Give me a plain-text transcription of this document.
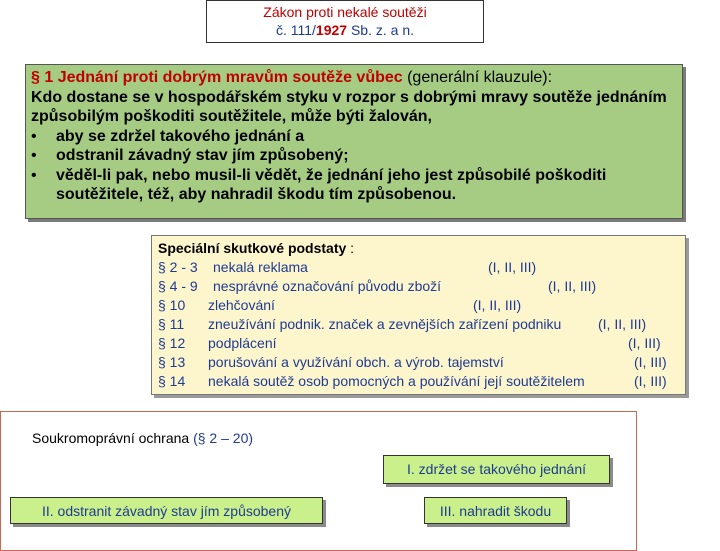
Zákon proti nekalé soutěži
č. 111/1927 Sb. z. a n.
§ 1 Jednání proti dobrým mravům soutěže vůbec (generální klauzule):
Kdo dostane se v hospodářském styku v rozpor s dobrými mravy soutěže jednáním způsobilým poškoditi soutěžitele, může býti žalován,
• aby se zdržel takového jednání a
• odstranil závadný stav jím způsobený;
• věděl-li pak, nebo musil-li vědět, že jednání jeho jest způsobilé poškoditi soutěžitele, též, aby nahradil škodu tím způsobenou.
Speciální skutkové podstaty :
§ 2 - 3 nekalá reklama	(I, II, III)
§ 4 - 9 nesprávné označování původu zboží	(I, II, III)
§ 10 zlehčování	(I, II, III)
§ 11 zneužívání podnik. značek a zevnějších zařízení podniku	(I, II, III)
§ 12 podplácení	(I, III)
§ 13 porušování a využívání obch. a výrob. tajemství	(I, III)
§ 14 nekalá soutěž osob pomocných a používání její soutěžitelem	(I, III)
Soukromoprávní ochrana (§ 2 – 20)
I. zdržet se takového jednání
II. odstranit závadný stav jím způsobený	III. nahradit škodu
